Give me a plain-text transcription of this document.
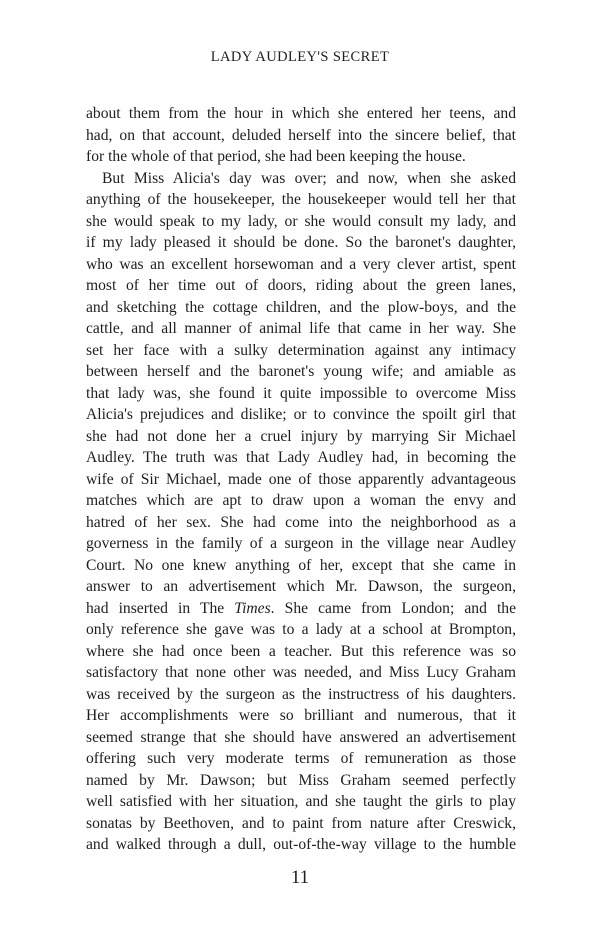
LADY AUDLEY'S SECRET
about them from the hour in which she entered her teens, and
had, on that account, deluded herself into the sincere belief, that
for the whole of that period, she had been keeping the house.
But Miss Alicia's day was over; and now, when she asked
anything of the housekeeper, the housekeeper would tell her that
she would speak to my lady, or she would consult my lady, and
if my lady pleased it should be done. So the baronet's daughter,
who was an excellent horsewoman and a very clever artist, spent
most of her time out of doors, riding about the green lanes,
and sketching the cottage children, and the plow-boys, and the
cattle, and all manner of animal life that came in her way. She
set her face with a sulky determination against any intimacy
between herself and the baronet's young wife; and amiable as
that lady was, she found it quite impossible to overcome Miss
Alicia's prejudices and dislike; or to convince the spoilt girl that
she had not done her a cruel injury by marrying Sir Michael
Audley. The truth was that Lady Audley had, in becoming the
wife of Sir Michael, made one of those apparently advantageous
matches which are apt to draw upon a woman the envy and
hatred of her sex. She had come into the neighborhood as a
governess in the family of a surgeon in the village near Audley
Court. No one knew anything of her, except that she came in
answer to an advertisement which Mr. Dawson, the surgeon,
had inserted in The Times. She came from London; and the
only reference she gave was to a lady at a school at Brompton,
where she had once been a teacher. But this reference was so
satisfactory that none other was needed, and Miss Lucy Graham
was received by the surgeon as the instructress of his daughters.
Her accomplishments were so brilliant and numerous, that it
seemed strange that she should have answered an advertisement
offering such very moderate terms of remuneration as those
named by Mr. Dawson; but Miss Graham seemed perfectly
well satisfied with her situation, and she taught the girls to play
sonatas by Beethoven, and to paint from nature after Creswick,
and walked through a dull, out-of-the-way village to the humble
11
